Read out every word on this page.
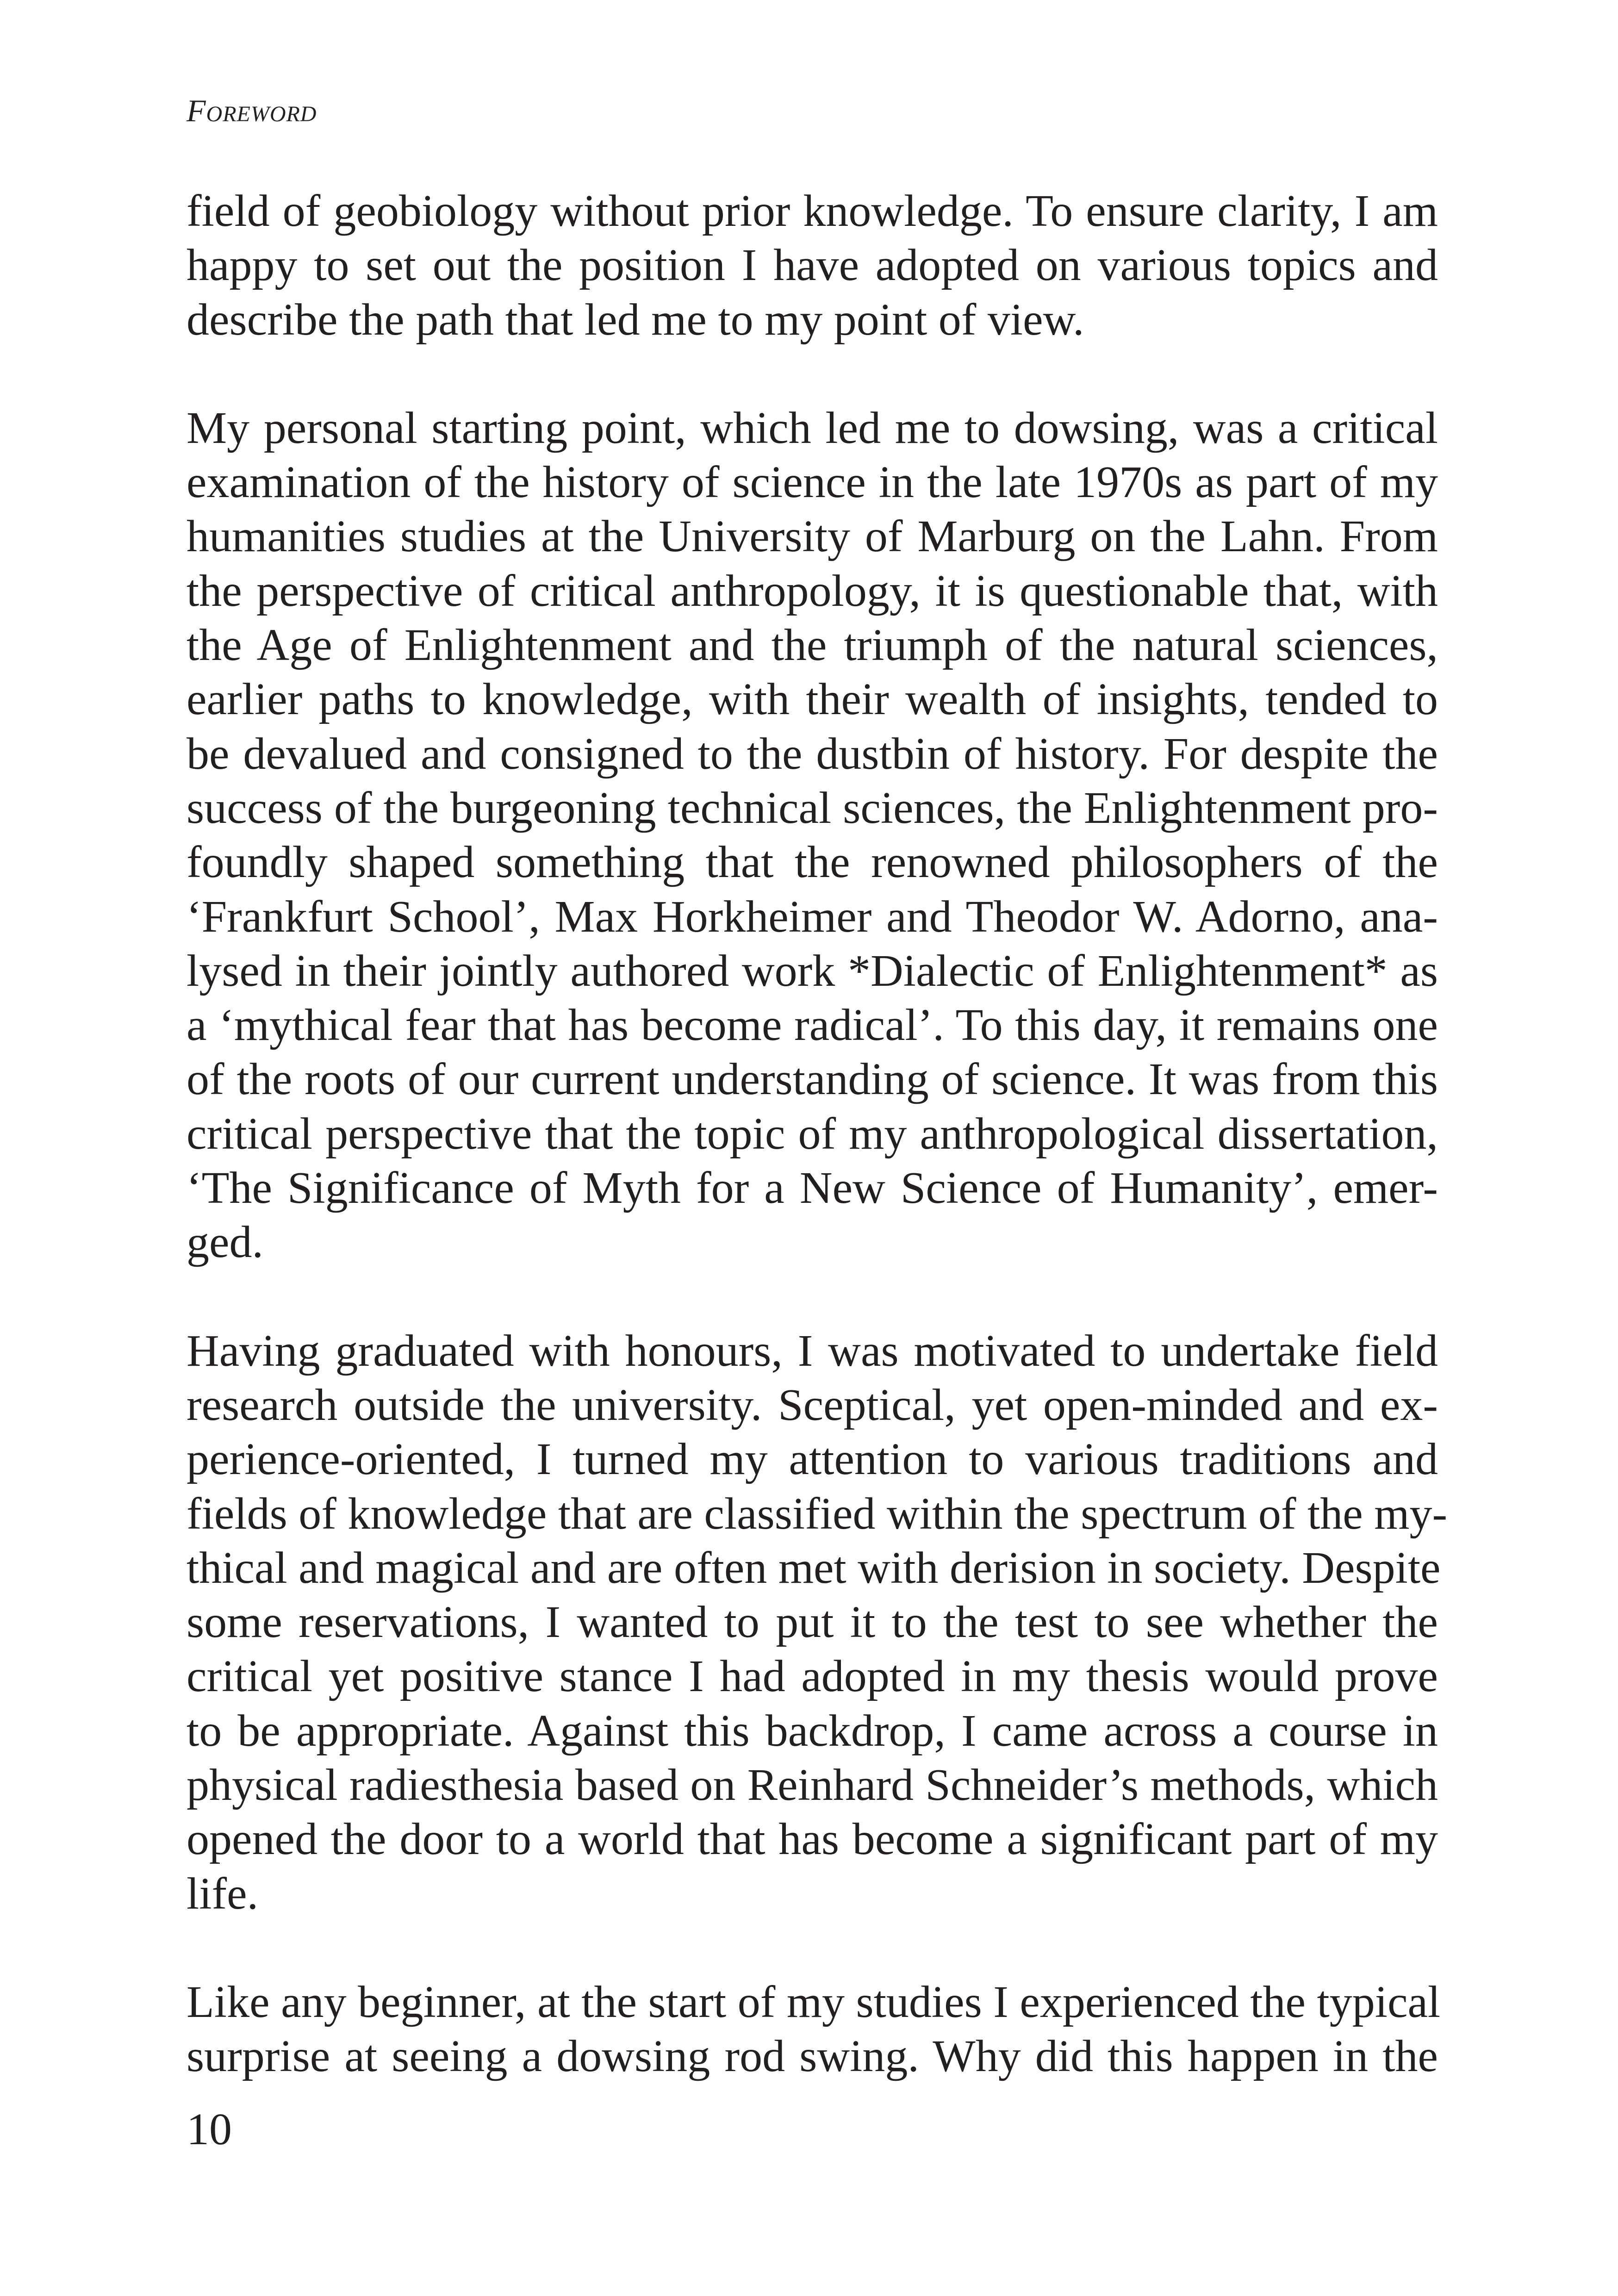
Foreword

field of geobiology without prior knowledge. To ensure clarity, I am
happy to set out the position I have adopted on various topics and
describe the path that led me to my point of view.

My personal starting point, which led me to dowsing, was a critical
examination of the history of science in the late 1970s as part of my
humanities studies at the University of Marburg on the Lahn. From
the perspective of critical anthropology, it is questionable that, with
the Age of Enlightenment and the triumph of the natural sciences,
earlier paths to knowledge, with their wealth of insights, tended to
be devalued and consigned to the dustbin of history. For despite the
success of the burgeoning technical sciences, the Enlightenment pro-
foundly shaped something that the renowned philosophers of the
‘Frankfurt School’, Max Horkheimer and Theodor W. Adorno, ana-
lysed in their jointly authored work *Dialectic of Enlightenment* as
a ‘mythical fear that has become radical’. To this day, it remains one
of the roots of our current understanding of science. It was from this
critical perspective that the topic of my anthropological dissertation,
‘The Significance of Myth for a New Science of Humanity’, emer-
ged.

Having graduated with honours, I was motivated to undertake field
research outside the university. Sceptical, yet open-minded and ex-
perience-oriented, I turned my attention to various traditions and
fields of knowledge that are classified within the spectrum of the my-
thical and magical and are often met with derision in society. Despite
some reservations, I wanted to put it to the test to see whether the
critical yet positive stance I had adopted in my thesis would prove
to be appropriate. Against this backdrop, I came across a course in
physical radiesthesia based on Reinhard Schneider’s methods, which
opened the door to a world that has become a significant part of my
life.

Like any beginner, at the start of my studies I experienced the typical
surprise at seeing a dowsing rod swing. Why did this happen in the

10
